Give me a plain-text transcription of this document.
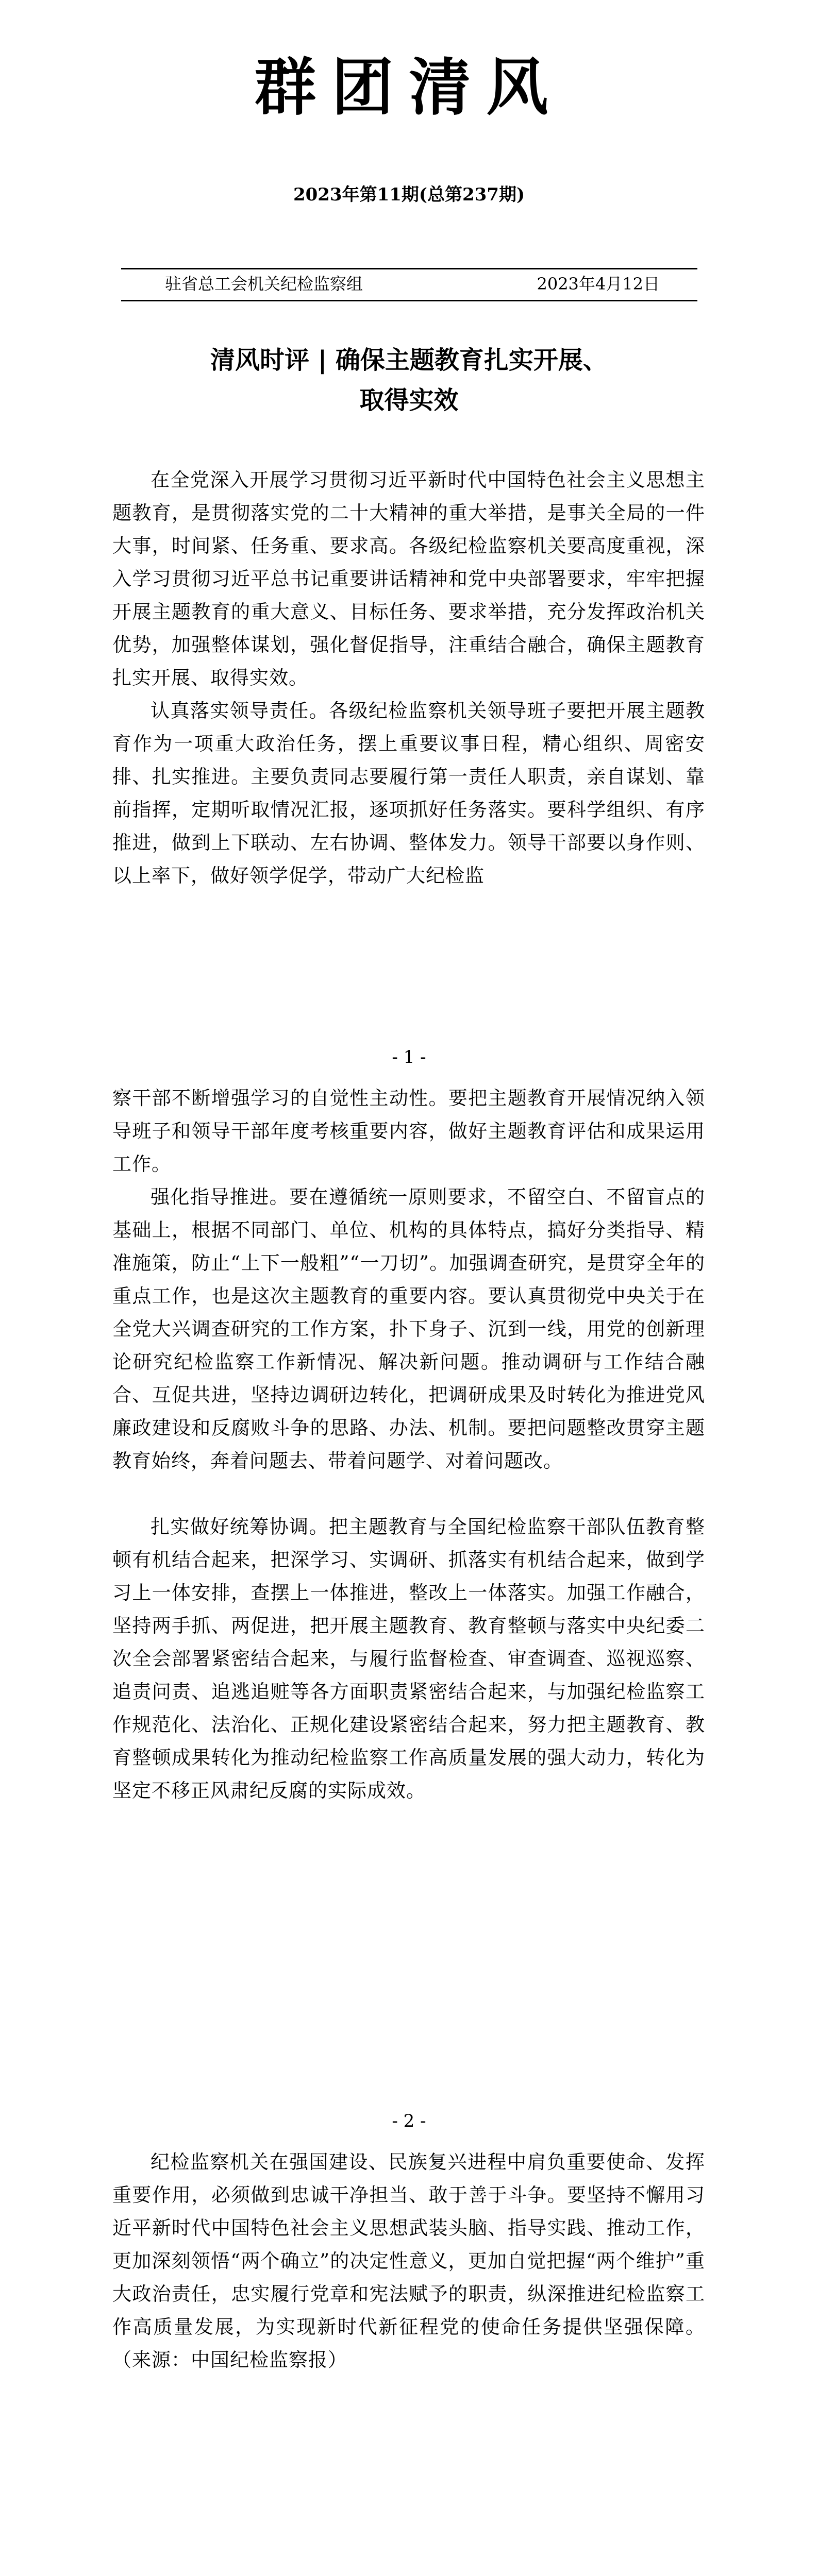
群团清风
2023年第11期(总第237期)
驻省总工会机关纪检监察组	2023年4月12日
清风时评 | 确保主题教育扎实开展、
取得实效

在全党深入开展学习贯彻习近平新时代中国特色社会主义思想主题教育，是贯彻落实党的二十大精神的重大举措，是事关全局的一件大事，时间紧、任务重、要求高。各级纪检监察机关要高度重视，深入学习贯彻习近平总书记重要讲话精神和党中央部署要求，牢牢把握开展主题教育的重大意义、目标任务、要求举措，充分发挥政治机关优势，加强整体谋划，强化督促指导，注重结合融合，确保主题教育扎实开展、取得实效。

认真落实领导责任。各级纪检监察机关领导班子要把开展主题教育作为一项重大政治任务，摆上重要议事日程，精心组织、周密安排、扎实推进。主要负责同志要履行第一责任人职责，亲自谋划、靠前指挥，定期听取情况汇报，逐项抓好任务落实。要科学组织、有序推进，做到上下联动、左右协调、整体发力。领导干部要以身作则、以上率下，做好领学促学，带动广大纪检监

- 1 -

察干部不断增强学习的自觉性主动性。要把主题教育开展情况纳入领导班子和领导干部年度考核重要内容，做好主题教育评估和成果运用工作。

强化指导推进。要在遵循统一原则要求，不留空白、不留盲点的基础上，根据不同部门、单位、机构的具体特点，搞好分类指导、精准施策，防止“上下一般粗”“一刀切”。加强调查研究，是贯穿全年的重点工作，也是这次主题教育的重要内容。要认真贯彻党中央关于在全党大兴调查研究的工作方案，扑下身子、沉到一线，用党的创新理论研究纪检监察工作新情况、解决新问题。推动调研与工作结合融合、互促共进，坚持边调研边转化，把调研成果及时转化为推进党风廉政建设和反腐败斗争的思路、办法、机制。要把问题整改贯穿主题教育始终，奔着问题去、带着问题学、对着问题改。

扎实做好统筹协调。把主题教育与全国纪检监察干部队伍教育整顿有机结合起来，把深学习、实调研、抓落实有机结合起来，做到学习上一体安排，查摆上一体推进，整改上一体落实。加强工作融合，坚持两手抓、两促进，把开展主题教育、教育整顿与落实中央纪委二次全会部署紧密结合起来，与履行监督检查、审查调查、巡视巡察、追责问责、追逃追赃等各方面职责紧密结合起来，与加强纪检监察工作规范化、法治化、正规化建设紧密结合起来，努力把主题教育、教育整顿成果转化为推动纪检监察工作高质量发展的强大动力，转化为坚定不移正风肃纪反腐的实际成效。

- 2 -

纪检监察机关在强国建设、民族复兴进程中肩负重要使命、发挥重要作用，必须做到忠诚干净担当、敢于善于斗争。要坚持不懈用习近平新时代中国特色社会主义思想武装头脑、指导实践、推动工作，更加深刻领悟“两个确立”的决定性意义，更加自觉把握“两个维护”重大政治责任，忠实履行党章和宪法赋予的职责，纵深推进纪检监察工作高质量发展，为实现新时代新征程党的使命任务提供坚强保障。（来源：中国纪检监察报）
